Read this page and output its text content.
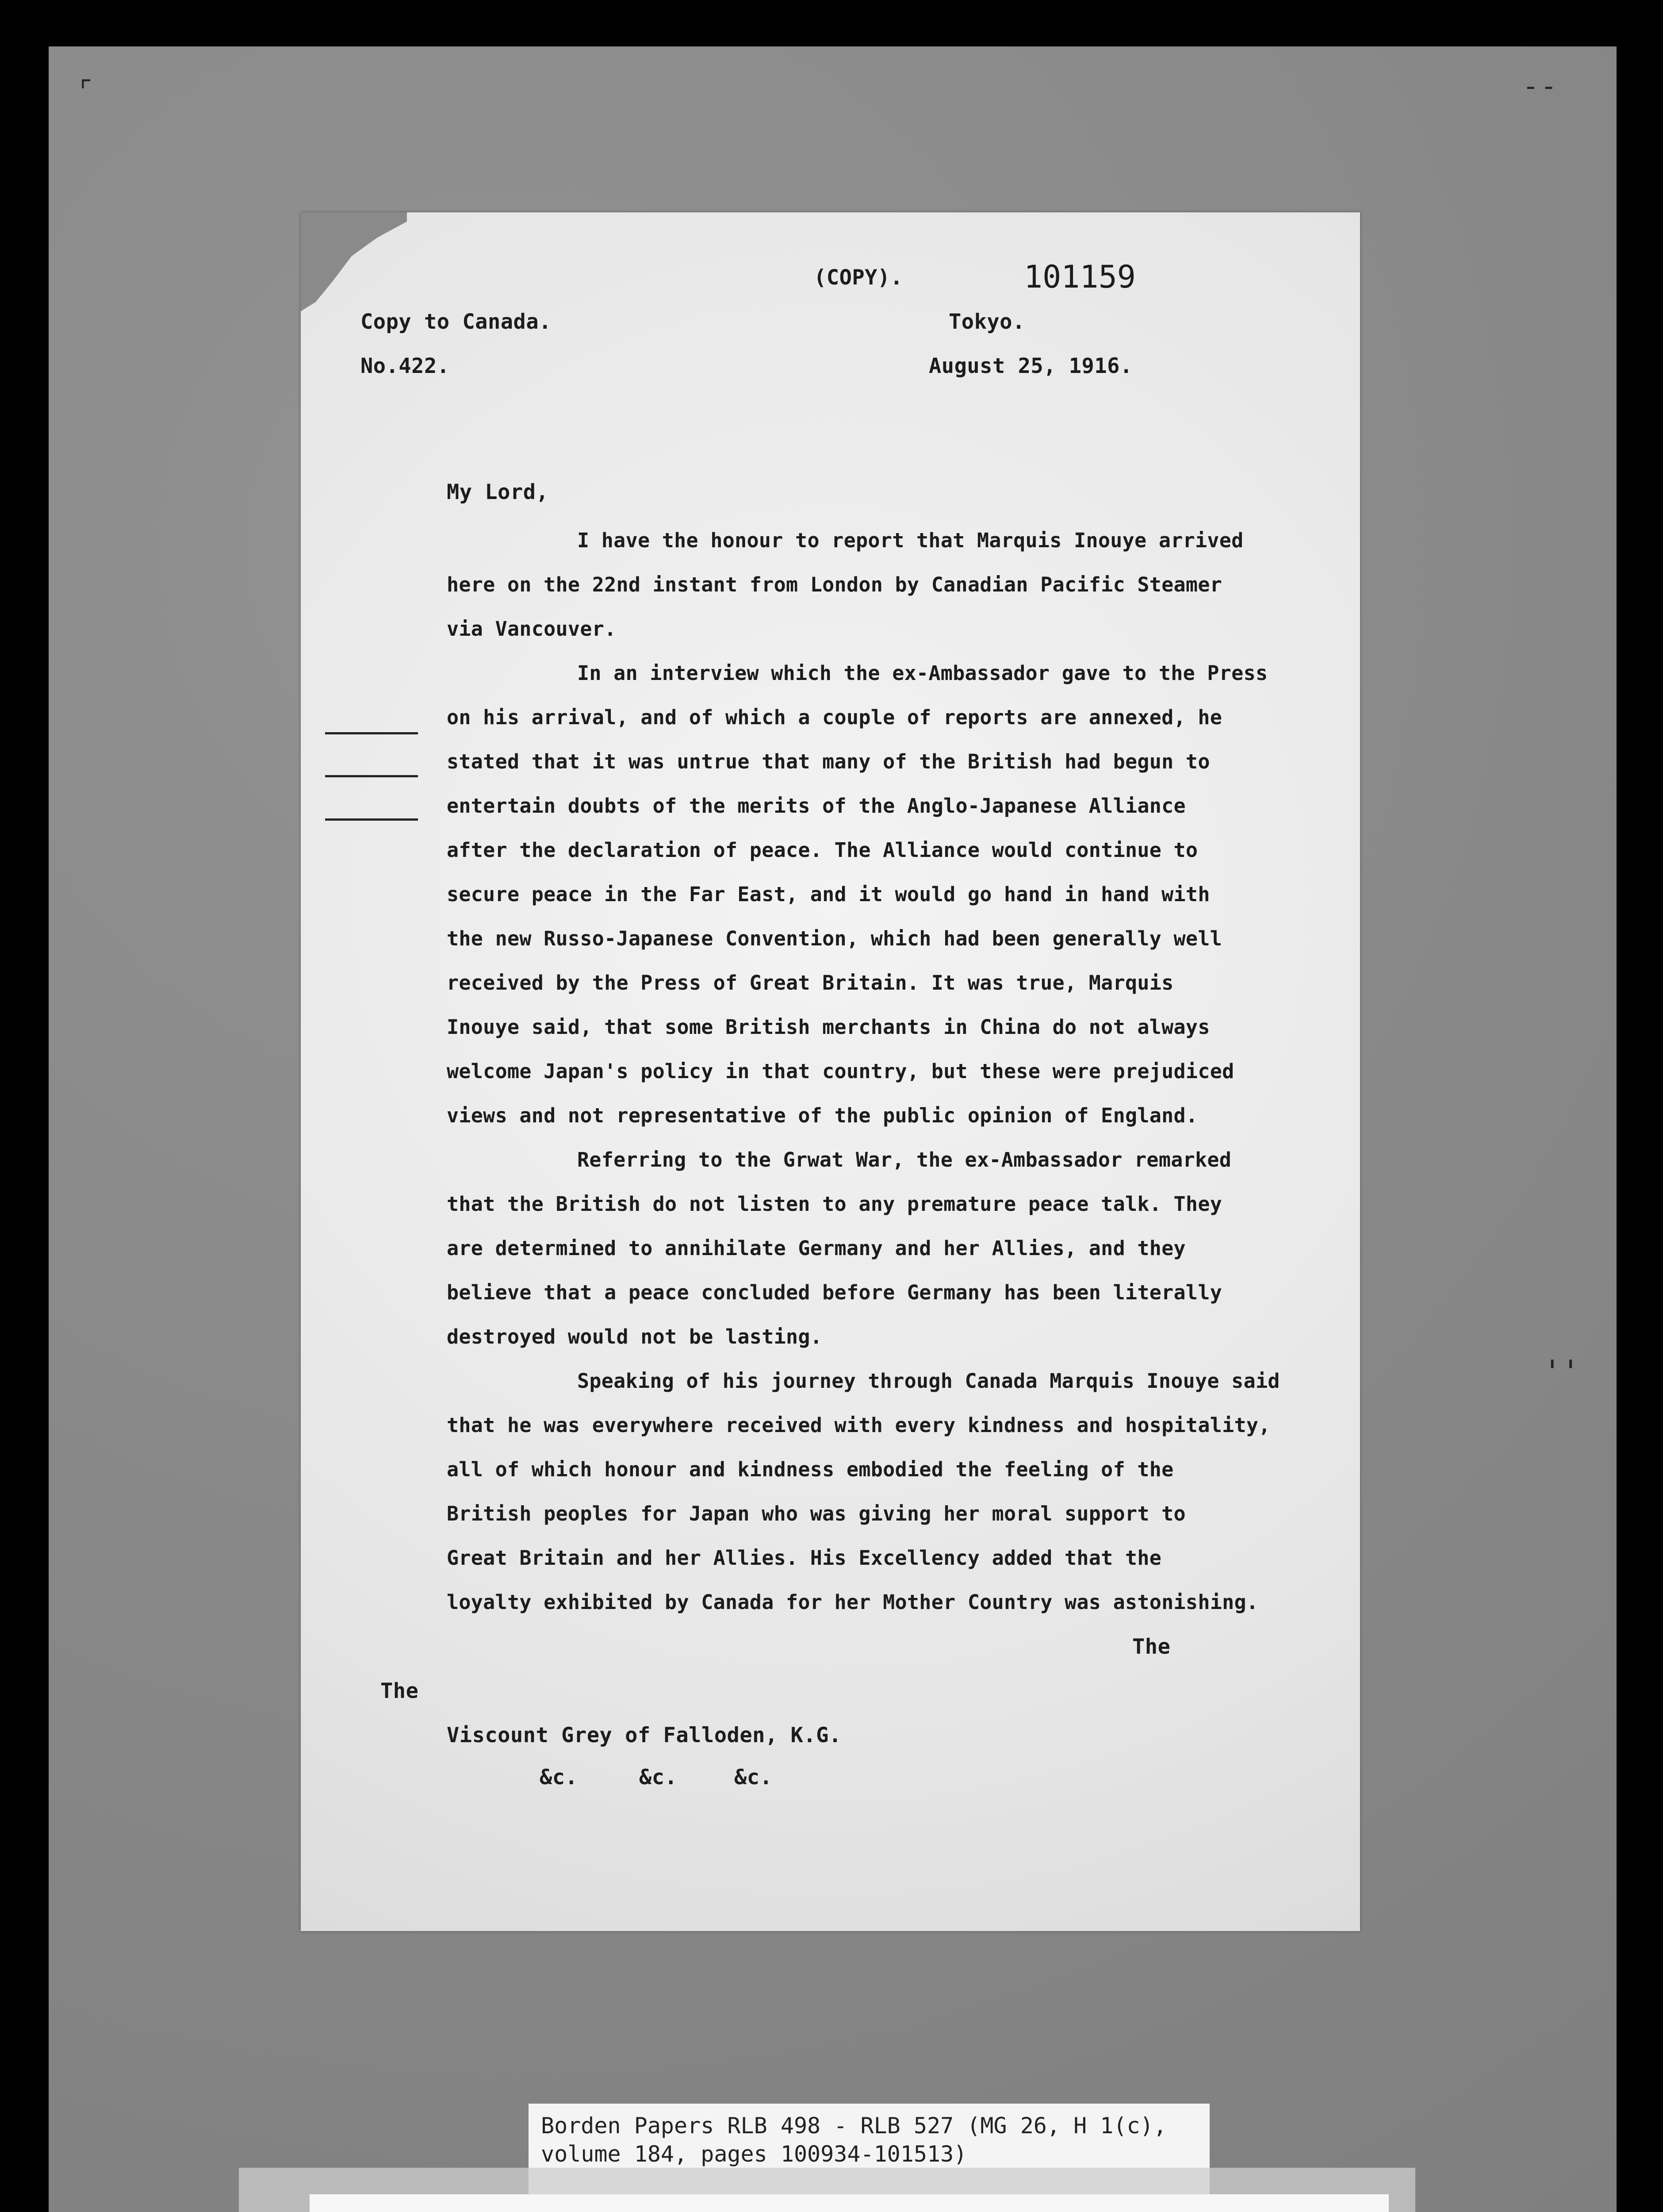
⌜	- -
' '
(COPY).	101159
Copy to Canada.	Tokyo.
No.422.	August 25, 1916.
My Lord,
I have the honour to report that Marquis Inouye arrived
here on the 22nd instant from London by Canadian Pacific Steamer
via Vancouver.
In an interview which the ex-Ambassador gave to the Press
on his arrival, and of which a couple of reports are annexed, he
stated that it was untrue that many of the British had begun to
entertain doubts of the merits of the Anglo-Japanese Alliance
after the declaration of peace. The Alliance would continue to
secure peace in the Far East, and it would go hand in hand with
the new Russo-Japanese Convention, which had been generally well
received by the Press of Great Britain. It was true, Marquis
Inouye said, that some British merchants in China do not always
welcome Japan's policy in that country, but these were prejudiced
views and not representative of the public opinion of England.
Referring to the Grwat War, the ex-Ambassador remarked
that the British do not listen to any premature peace talk. They
are determined to annihilate Germany and her Allies, and they
believe that a peace concluded before Germany has been literally
destroyed would not be lasting.
Speaking of his journey through Canada Marquis Inouye said
that he was everywhere received with every kindness and hospitality,
all of which honour and kindness embodied the feeling of the
British peoples for Japan who was giving her moral support to
Great Britain and her Allies. His Excellency added that the
loyalty exhibited by Canada for her Mother Country was astonishing.
The
The
Viscount Grey of Falloden, K.G.
&c.	&c.	&c.
Borden Papers RLB 498 - RLB 527 (MG 26, H 1(c),
volume 184, pages 100934-101513)
